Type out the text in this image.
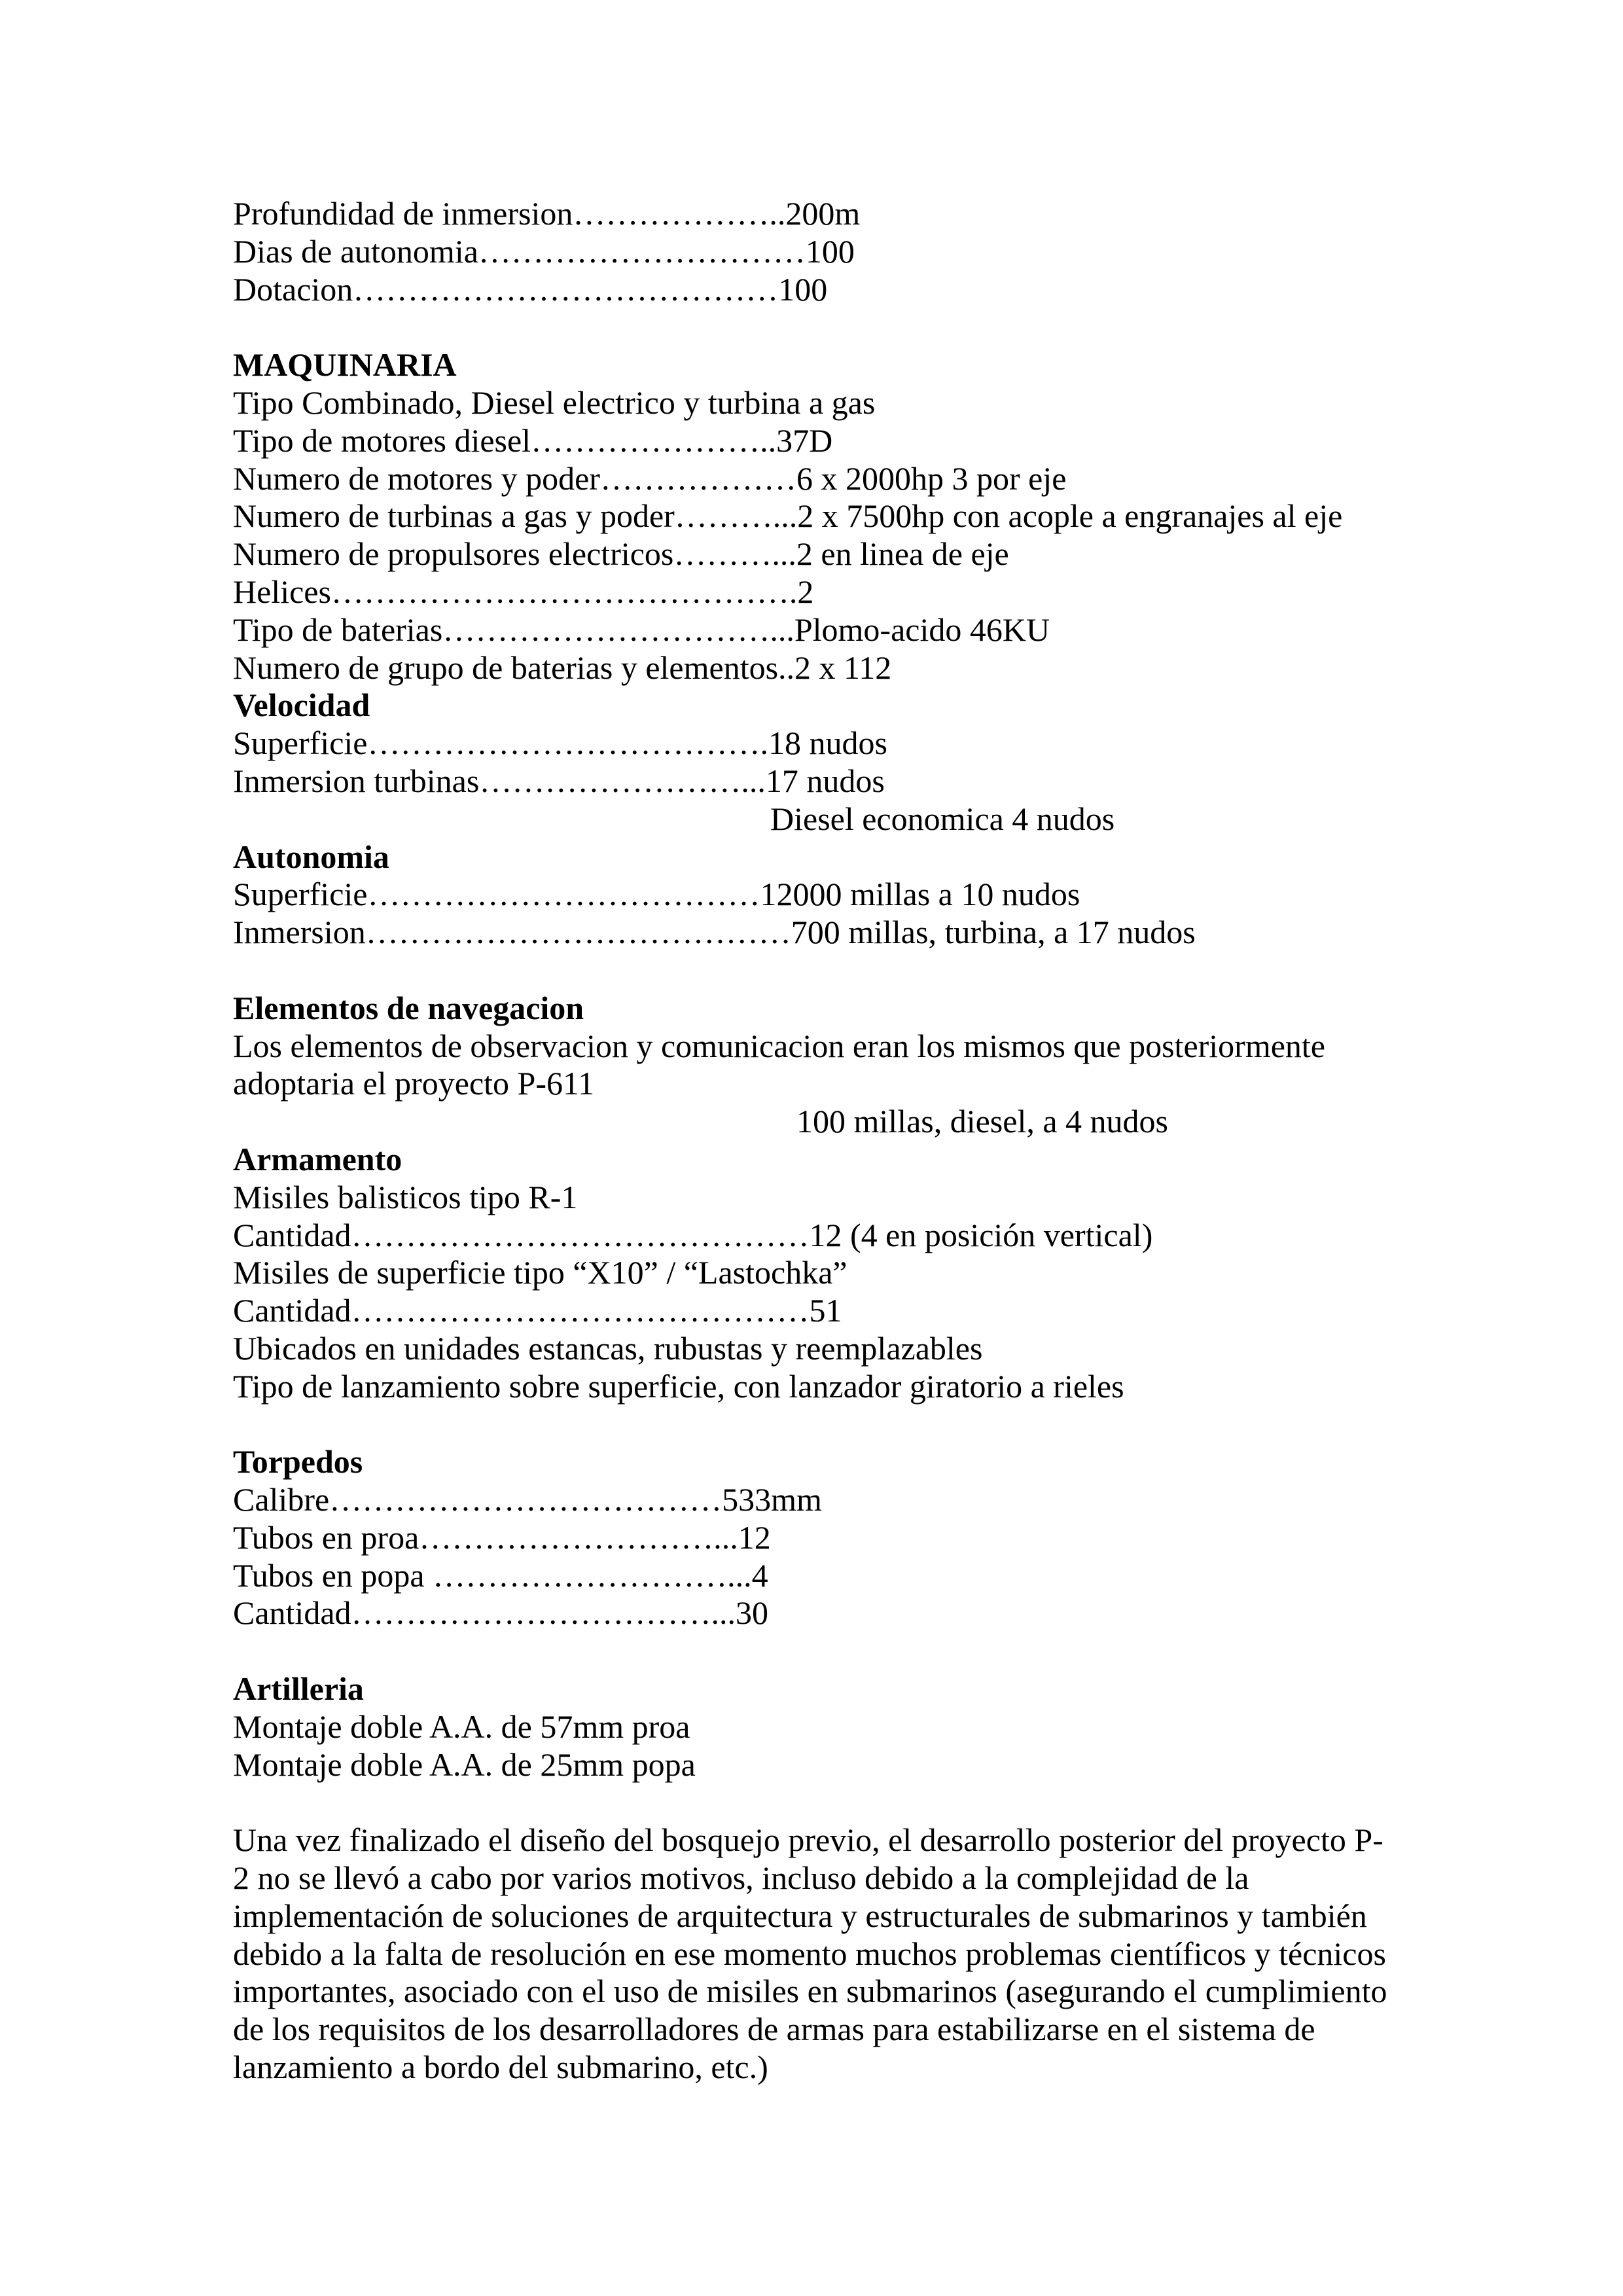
Profundidad de inmersion………………..200m
Dias de autonomia…………………………100
Dotacion…………………………………100
MAQUINARIA
Tipo Combinado, Diesel electrico y turbina a gas
Tipo de motores diesel…………………..37D
Numero de motores y poder………………6 x 2000hp 3 por eje
Numero de turbinas a gas y poder………...2 x 7500hp con acople a engranajes al eje
Numero de propulsores electricos………...2 en linea de eje
Helices…………………………………….2
Tipo de baterias…………………………...Plomo-acido 46KU
Numero de grupo de baterias y elementos..2 x 112
Velocidad
Superficie……………………………….18 nudos
Inmersion turbinas……………………...17 nudos
Diesel economica 4 nudos
Autonomia
Superficie………………………………12000 millas a 10 nudos
Inmersion…………………………………700 millas, turbina, a 17 nudos
Elementos de navegacion
Los elementos de observacion y comunicacion eran los mismos que posteriormente
adoptaria el proyecto P-611
100 millas, diesel, a 4 nudos
Armamento
Misiles balisticos tipo R-1
Cantidad……………………………………12 (4 en posición vertical)
Misiles de superficie tipo “X10” / “Lastochka”
Cantidad……………………………………51
Ubicados en unidades estancas, rubustas y reemplazables
Tipo de lanzamiento sobre superficie, con lanzador giratorio a rieles
Torpedos
Calibre………………………………533mm
Tubos en proa………………………...12
Tubos en popa ………………………...4
Cantidad……………………………...30
Artilleria
Montaje doble A.A. de 57mm proa
Montaje doble A.A. de 25mm popa
Una vez finalizado el diseño del bosquejo previo, el desarrollo posterior del proyecto P-
2 no se llevó a cabo por varios motivos, incluso debido a la complejidad de la
implementación de soluciones de arquitectura y estructurales de submarinos y también
debido a la falta de resolución en ese momento muchos problemas científicos y técnicos
importantes, asociado con el uso de misiles en submarinos (asegurando el cumplimiento
de los requisitos de los desarrolladores de armas para estabilizarse en el sistema de
lanzamiento a bordo del submarino, etc.)
